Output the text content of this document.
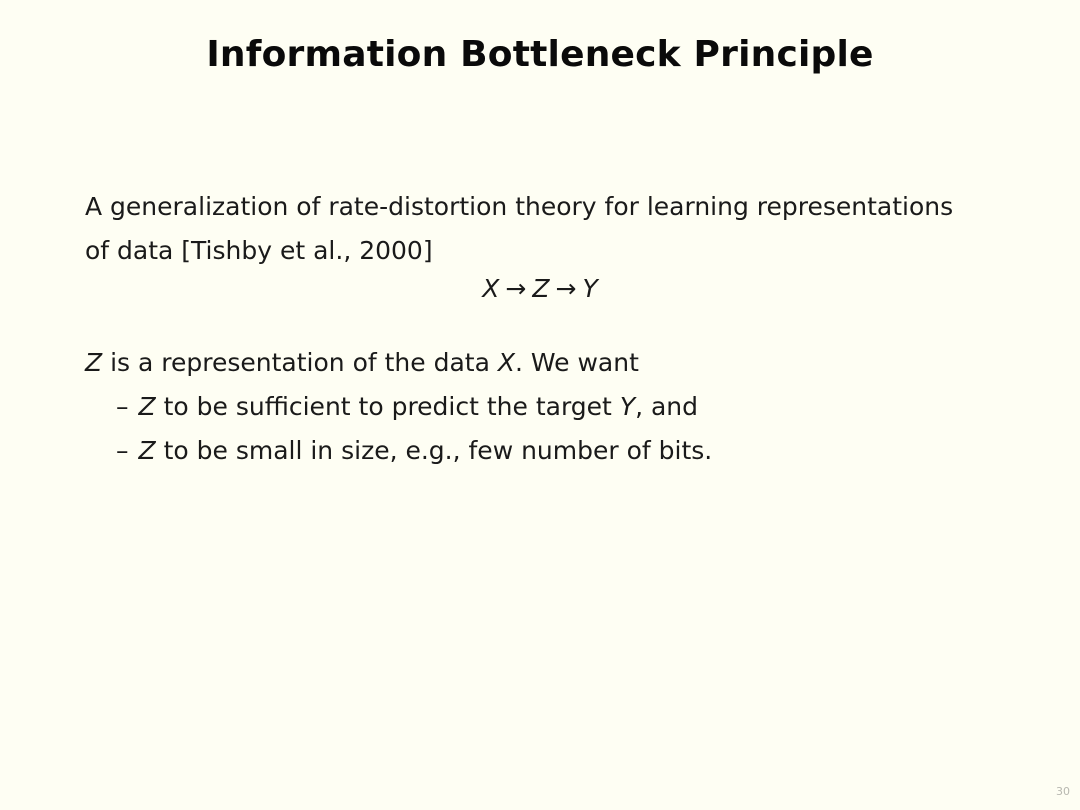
Information Bottleneck Principle
A generalization of rate-distortion theory for learning representations of data [Tishby et al., 2000]
X → Z → Y
Z is a representation of the data X. We want
– Z to be sufficient to predict the target Y, and
– Z to be small in size, e.g., few number of bits.
30
